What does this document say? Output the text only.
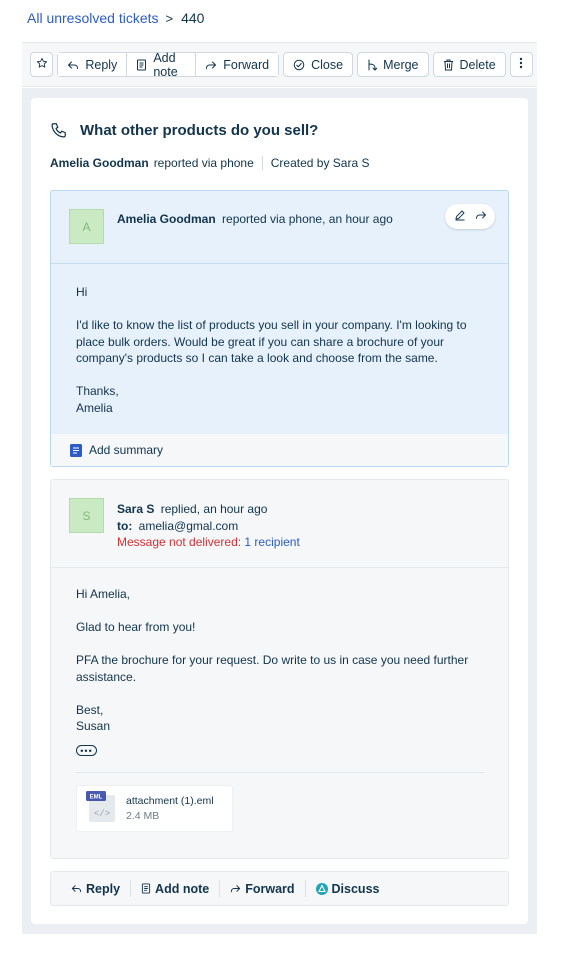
All unresolved tickets > 440
Reply	Add note	Forward	Close	Merge	Delete
What other products do you sell?
Amelia Goodman reported via phone Created by Sara S
A
Amelia Goodman reported via phone, an hour ago

Hi

I'd like to know the list of products you sell in your company. I'm looking to place bulk orders. Would be great if you can share a brochure of your company's products so I can take a look and choose from the same.

Thanks,
Amelia
Add summary
S	Sara S replied, an hour ago
to: amelia@gmal.com
Message not delivered: 1 recipient

Hi Amelia,

Glad to hear from you!

PFA the brochure for your request. Do write to us in case you need further assistance.

Best,
Susan
•••
EML
</>
attachment (1).eml
2.4 MB
Reply	Add note	Forward	Discuss
